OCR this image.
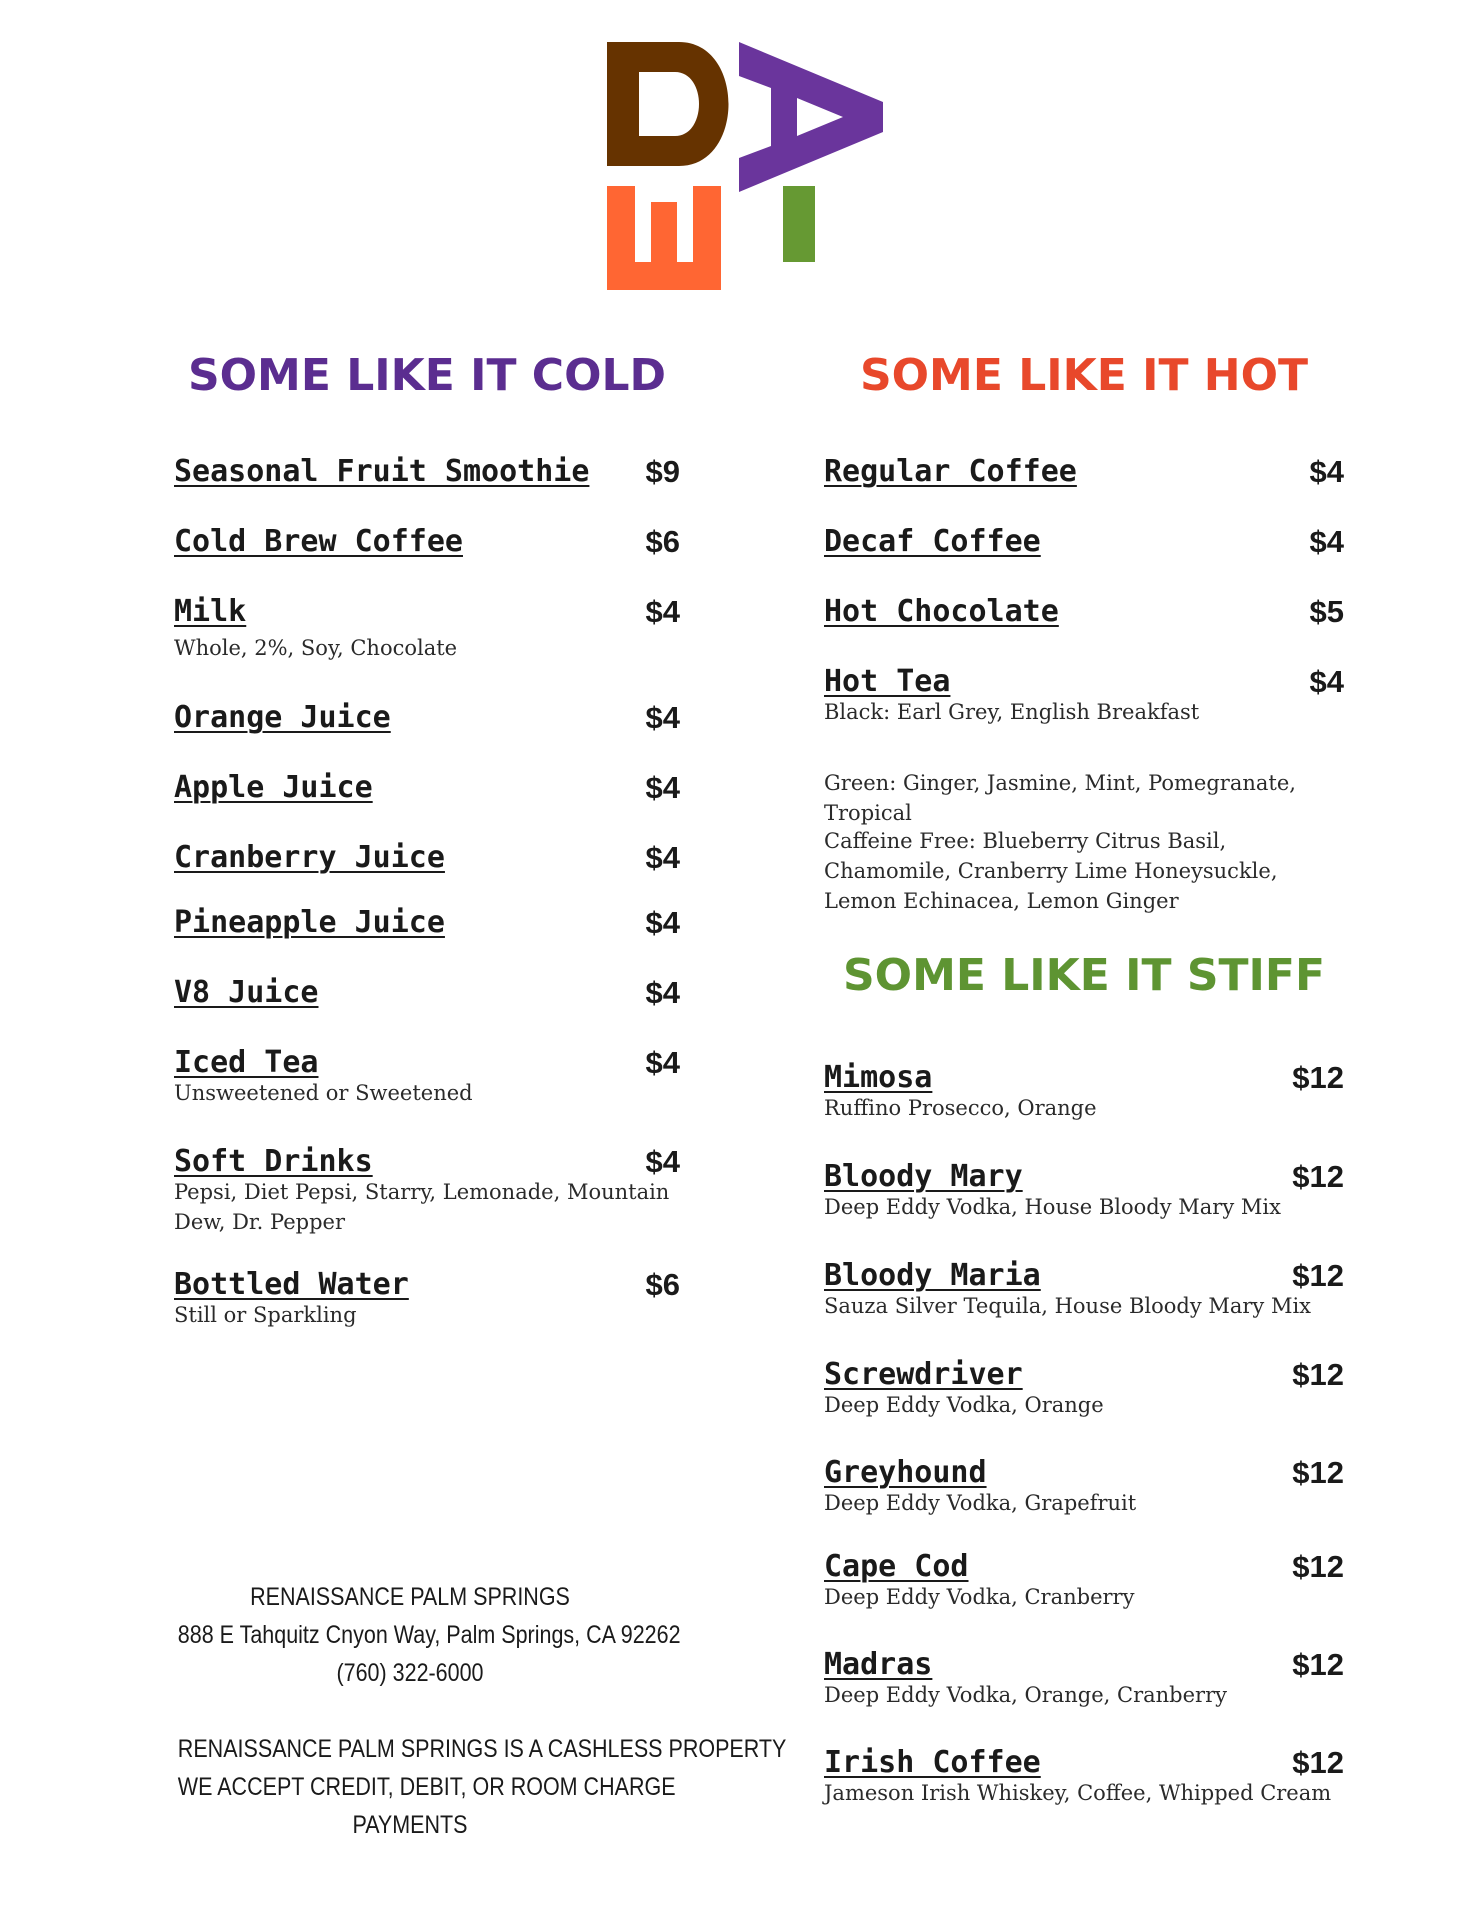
SOME LIKE IT COLD
Seasonal Fruit Smoothie $9
Cold Brew Coffee	$6
Milk	$4
Whole, 2%, Soy, Chocolate
Orange Juice	$4
Apple Juice	$4
Cranberry Juice	$4
Pineapple Juice	$4
V8 Juice	$4
Iced Tea	$4
Unsweetened or Sweetened
Soft Drinks	$4
Pepsi, Diet Pepsi, Starry, Lemonade, Mountain Dew, Dr. Pepper
Bottled Water	$6
Still or Sparkling
SOME LIKE IT HOT
Regular Coffee	$4
Decaf Coffee	$4
Hot Chocolate	$5
Hot Tea	$4
Black: Earl Grey, English Breakfast
Green: Ginger, Jasmine, Mint, Pomegranate, Tropical
Caffeine Free: Blueberry Citrus Basil, Chamomile, Cranberry Lime Honeysuckle, Lemon Echinacea, Lemon Ginger
SOME LIKE IT STIFF
Mimosa	$12
Ruffino Prosecco, Orange
Bloody Mary	$12
Deep Eddy Vodka, House Bloody Mary Mix
Bloody Maria	$12
Sauza Silver Tequila, House Bloody Mary Mix
Screwdriver	$12
Deep Eddy Vodka, Orange
Greyhound	$12
Deep Eddy Vodka, Grapefruit
Cape Cod	$12
Deep Eddy Vodka, Cranberry
Madras	$12
Deep Eddy Vodka, Orange, Cranberry
Irish Coffee	$12
Jameson Irish Whiskey, Coffee, Whipped Cream
RENAISSANCE PALM SPRINGS
888 E Tahquitz Cnyon Way, Palm Springs, CA 92262
(760) 322-6000
RENAISSANCE PALM SPRINGS IS A CASHLESS PROPERTY
WE ACCEPT CREDIT, DEBIT, OR ROOM CHARGE
PAYMENTS
